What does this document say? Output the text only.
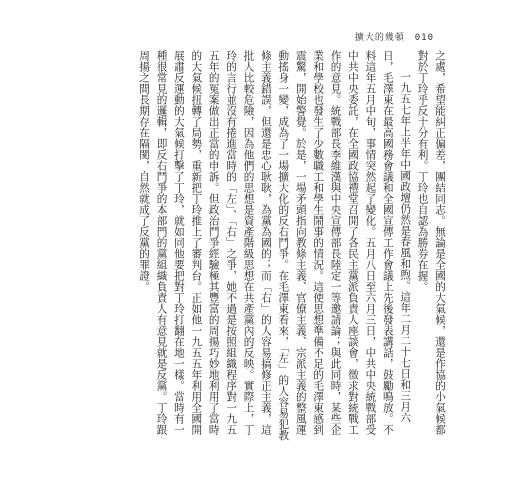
擴大的幾頓 010

之處，希望能糾正偏差，團結同志。無論是全國的大氣候，還是作協的小氣候都對於丁玲乎反十分有利。丁玲也自認為勝券在握。

一九五七年上半年中國政壇仍然是春風和煦。這年二月二十七日和三月六日，毛澤東在最高國務會議和全國宣傳工作會議上先後發表講話，鼓勵鳴放。不料這年五月中旬，事情突然起了變化。五月八日至六月三日，中共中央統戰部受中共中央委託，在全國政協禮堂召開了各民主黨派負責人座談會，徵求對統戰工作的意見。統戰部長李維漢與中央宣傳部長陸定一等邀請論；與此同時，某些企業和學校也發生了少數職工和學生鬧事的情況。這使思想準備不足的毛澤東感到震驚，開始警覺。於是，一場矛頭指向教條主義、官僚主義、宗派主義的整風運動搖身一變，成為了一場擴大化的反右鬥爭。在毛澤東看來，「左」的人容易犯教條主義錯誤，但還是忠心耿耿，為黨為國的；而「右」的人容易搞修正主義，這批人比較危險，因為他們的思想是資產階級思想在共產黨內的反映。實際上，丁玲的言行並沒有捲進當時的「左」、「右」之爭，她不過是按照組織程序對一九五五年的冤案做出正當的申訴。但政治鬥爭經驗極其豐富的周揚巧妙地利用了當時的大氣候扭轉了局勢，重新把丁玲推上了審判台。正如他一九五五年利用全國開展肅反運動的大氣候打擊了丁玲，就如同他要把對丁玲打翻在地一樣。當時有一種很常見的邏輯，即反右鬥爭的本部門的黨組織負責人有意見就是反黨。丁玲跟周揚之間長期存在隔閡，自然就成了反黨的罪證。
